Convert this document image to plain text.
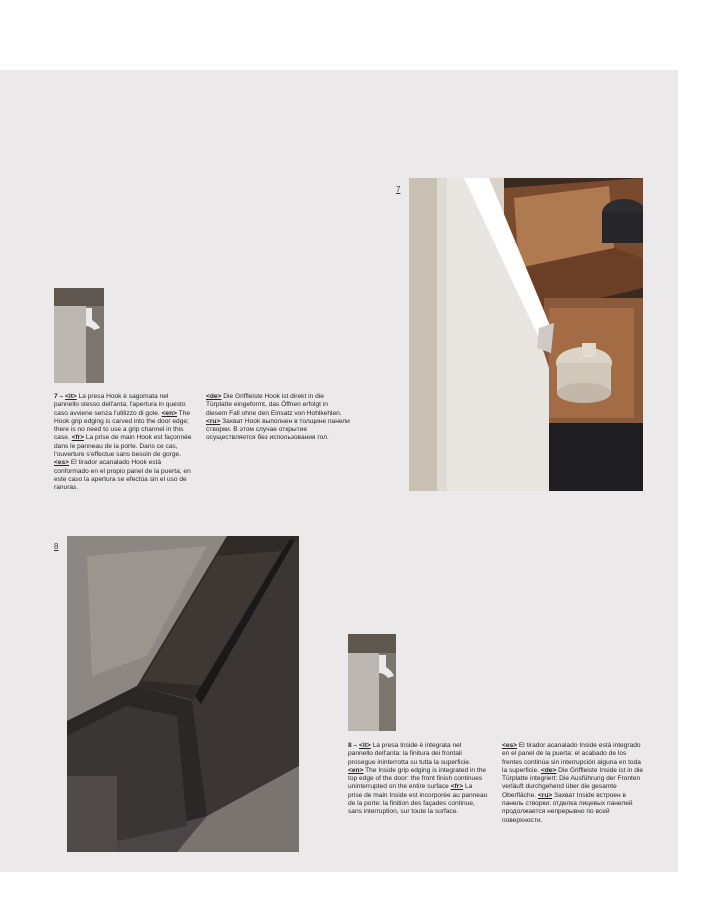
7
7 – <it> La presa Hook è sagomata nel pannello stesso dell'anta; l'apertura in questo caso avviene senza l'utilizzo di gole. <en> The Hook grip edging is carved into the door edge; there is no need to use a grip channel in this case. <fr> La prise de main Hook est façonnée dans le panneau de la porte. Dans ce cas, l'ouverture s'effectue sans besoin de gorge. <es> El tirador acanalado Hook está conformado en el propio panel de la puerta; en este caso la apertura se efectúa sin el uso de ranuras.
<de> Die Griffleiste Hook ist direkt in die Türplatte eingeformt, das Öffnen erfolgt in diesem Fall ohne den Einsatz von Hohlkehlen. <ru> Захват Hook выполнен в толщине панели створки. В этом случае открытие осуществляется без использования гол.
8
8 – <it> La presa Inside è integrata nel pannello dell'anta: la finitura dei frontali prosegue ininterrotta su tutta la superficie. <en> The Inside grip edging is integrated in the top edge of the door: the front finish continues uninterrupted on the entire surface <fr> La prise de main Inside est incorporée au panneau de la porte: la finition des façades continue, sans interruption, sur toute la surface.
<es> El tirador acanalado Inside está integrado en el panel de la puerta: el acabado de los frentes continúa sin interrupción alguna en toda la superficie. <de> Die Griffleiste Inside ist in die Türplatte integriert: Die Ausführung der Fronten verläuft durchgehend über die gesamte Oberfläche. <ru> Захват Inside встроен в панель створки: отделка лицевых панелей продолжается непрерывно по всей поверхности.
